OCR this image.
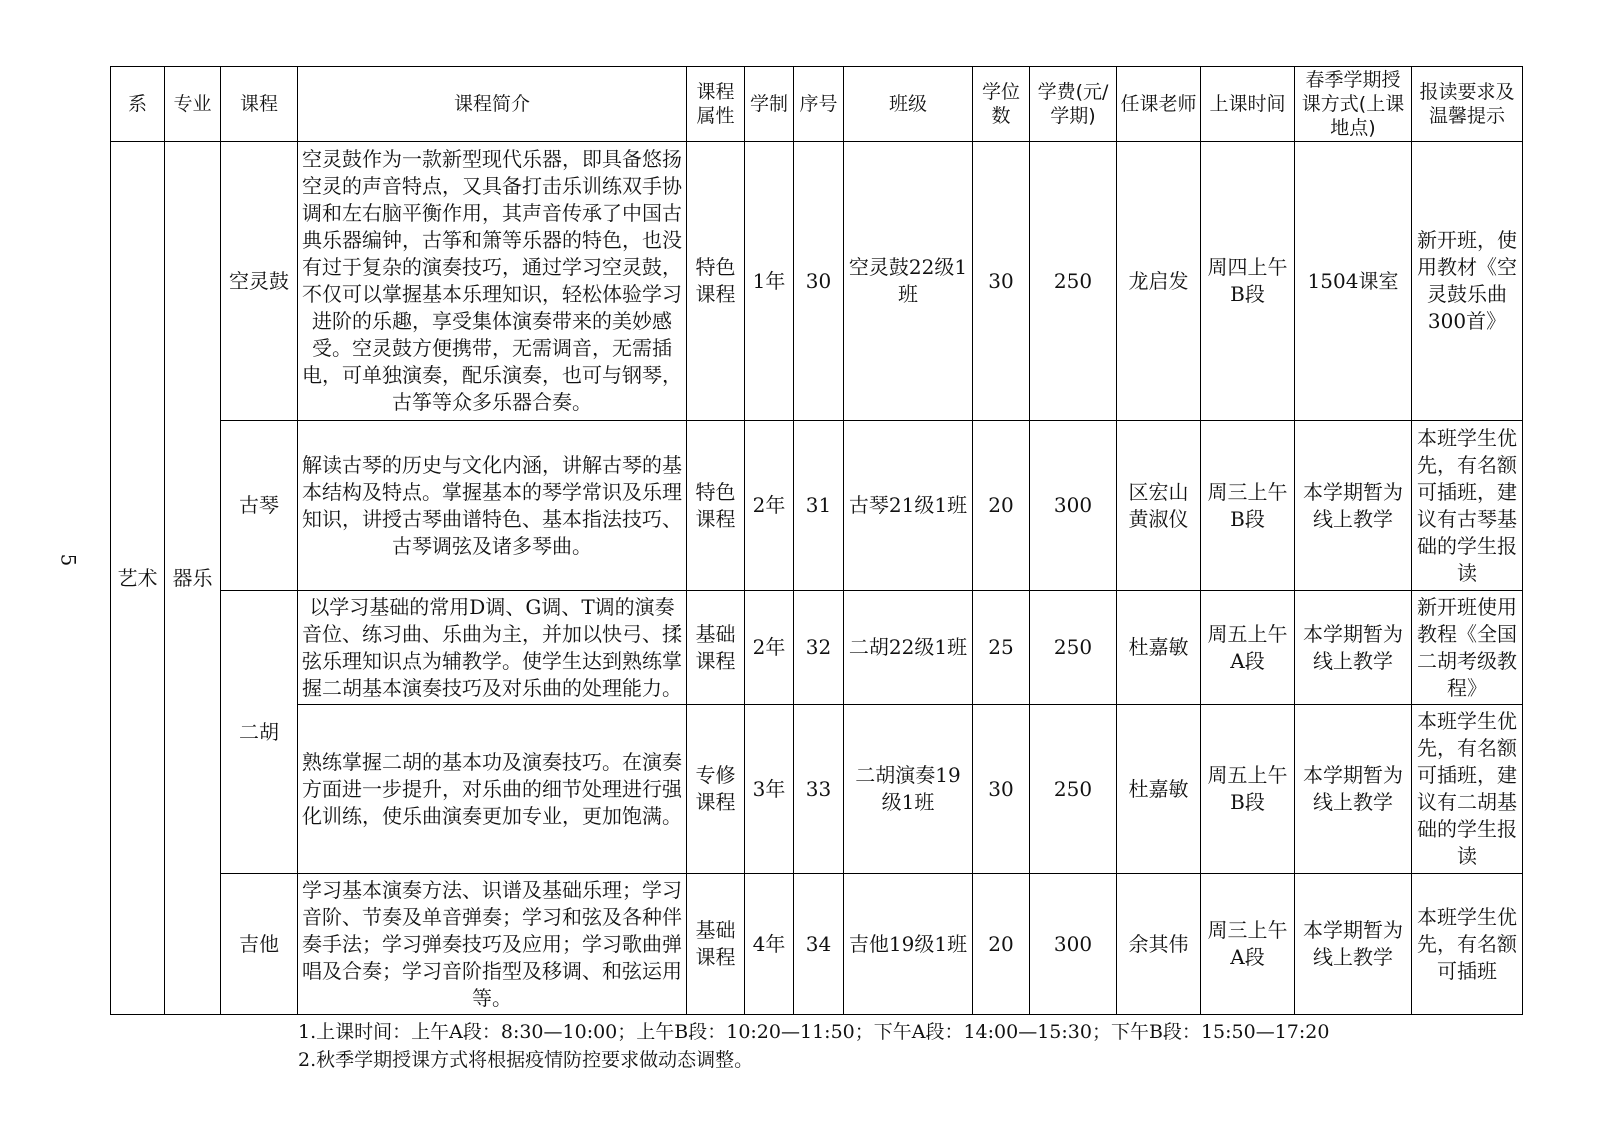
5
系	专业	课程	课程简介	课程属性	学制	序号	班级	学位数	学费(元/学期)	任课老师	上课时间	春季学期授课方式(上课地点)	报读要求及温馨提示
艺术	器乐	空灵鼓	空灵鼓作为一款新型现代乐器，即具备悠扬空灵的声音特点，又具备打击乐训练双手协调和左右脑平衡作用，其声音传承了中国古典乐器编钟，古筝和箫等乐器的特色，也没有过于复杂的演奏技巧，通过学习空灵鼓，不仅可以掌握基本乐理知识，轻松体验学习进阶的乐趣，享受集体演奏带来的美妙感受。空灵鼓方便携带，无需调音，无需插电，可单独演奏，配乐演奏，也可与钢琴，古筝等众多乐器合奏。	特色课程	1年	30	空灵鼓22级1班	30	250	龙启发	周四上午B段	1504课室	新开班，使用教材《空灵鼓乐曲300首》
		古琴	解读古琴的历史与文化内涵，讲解古琴的基本结构及特点。掌握基本的琴学常识及乐理知识，讲授古琴曲谱特色、基本指法技巧、古琴调弦及诸多琴曲。	特色课程	2年	31	古琴21级1班	20	300	区宏山 黄淑仪	周三上午B段	本学期暂为线上教学	本班学生优先，有名额可插班，建议有古琴基础的学生报读
		二胡	以学习基础的常用D调、G调、T调的演奏音位、练习曲、乐曲为主，并加以快弓、揉弦乐理知识点为辅教学。使学生达到熟练掌握二胡基本演奏技巧及对乐曲的处理能力。	基础课程	2年	32	二胡22级1班	25	250	杜嘉敏	周五上午A段	本学期暂为线上教学	新开班使用教程《全国二胡考级教程》
			熟练掌握二胡的基本功及演奏技巧。在演奏方面进一步提升，对乐曲的细节处理进行强化训练，使乐曲演奏更加专业，更加饱满。	专修课程	3年	33	二胡演奏19级1班	30	250	杜嘉敏	周五上午B段	本学期暂为线上教学	本班学生优先，有名额可插班，建议有二胡基础的学生报读
		吉他	学习基本演奏方法、识谱及基础乐理；学习音阶、节奏及单音弹奏；学习和弦及各种伴奏手法；学习弹奏技巧及应用；学习歌曲弹唱及合奏；学习音阶指型及移调、和弦运用等。	基础课程	4年	34	吉他19级1班	20	300	余其伟	周三上午A段	本学期暂为线上教学	本班学生优先，有名额可插班
1.上课时间：上午A段：8:30—10:00；上午B段：10:20—11:50；下午A段：14:00—15:30；下午B段：15:50—17:20
2.秋季学期授课方式将根据疫情防控要求做动态调整。
